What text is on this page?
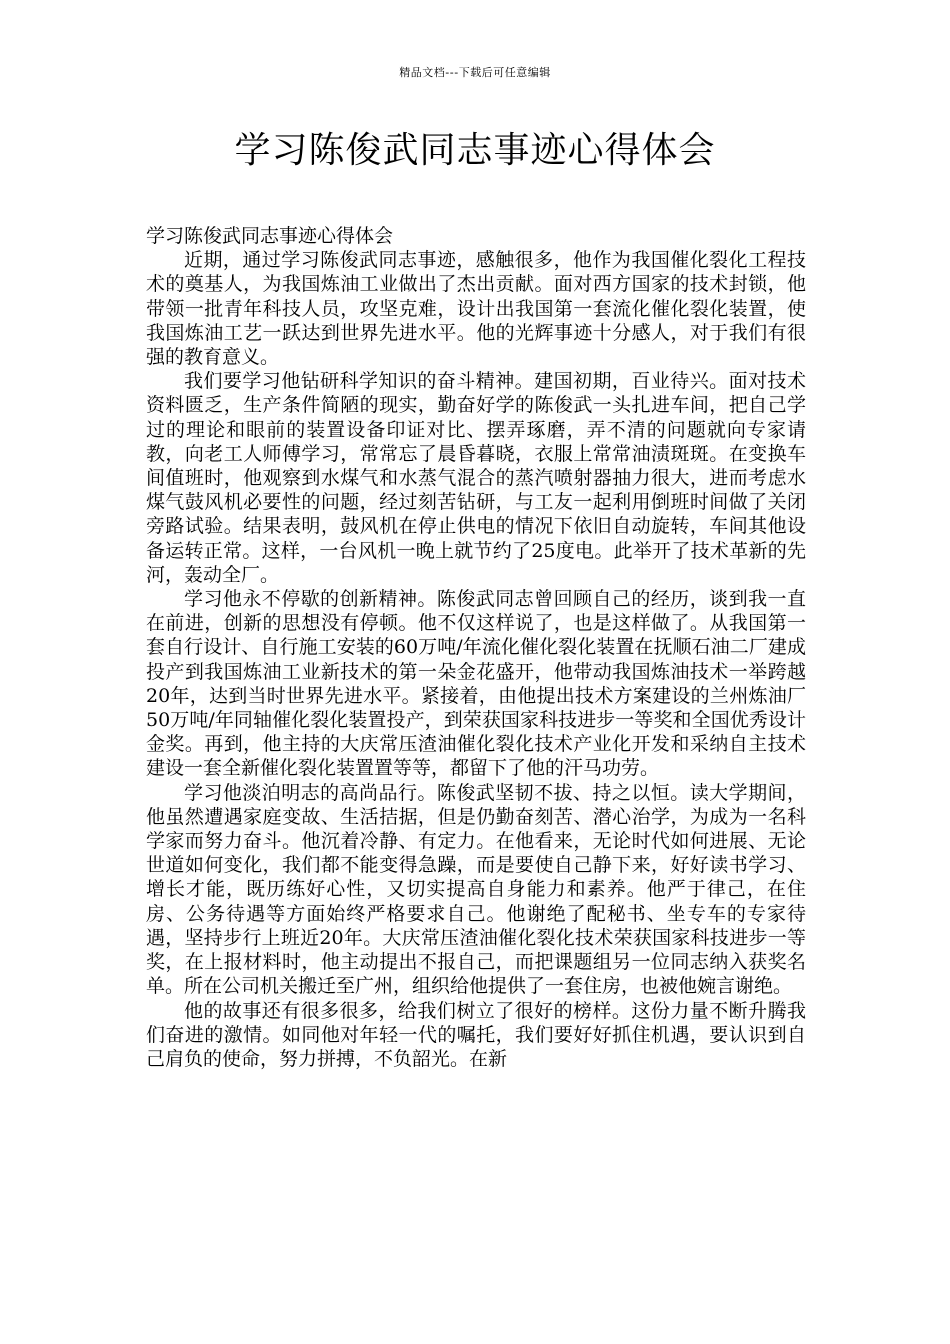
精品文档---下载后可任意编辑
学习陈俊武同志事迹心得体会

学习陈俊武同志事迹心得体会

近期，通过学习陈俊武同志事迹，感触很多，他作为我国催化裂化工程技术的奠基人，为我国炼油工业做出了杰出贡献。面对西方国家的技术封锁，他带领一批青年科技人员，攻坚克难，设计出我国第一套流化催化裂化装置，使我国炼油工艺一跃达到世界先进水平。他的光辉事迹十分感人，对于我们有很强的教育意义。

我们要学习他钻研科学知识的奋斗精神。建国初期，百业待兴。面对技术资料匮乏，生产条件简陋的现实，勤奋好学的陈俊武一头扎进车间，把自己学过的理论和眼前的装置设备印证对比、摆弄琢磨，弄不清的问题就向专家请教，向老工人师傅学习，常常忘了晨昏暮晓，衣服上常常油渍斑斑。在变换车间值班时，他观察到水煤气和水蒸气混合的蒸汽喷射器抽力很大，进而考虑水煤气鼓风机必要性的问题，经过刻苦钻研，与工友一起利用倒班时间做了关闭旁路试验。结果表明，鼓风机在停止供电的情况下依旧自动旋转，车间其他设备运转正常。这样，一台风机一晚上就节约了25度电。此举开了技术革新的先河，轰动全厂。

学习他永不停歇的创新精神。陈俊武同志曾回顾自己的经历，谈到我一直在前进，创新的思想没有停顿。他不仅这样说了，也是这样做了。从我国第一套自行设计、自行施工安装的60万吨/年流化催化裂化装置在抚顺石油二厂建成投产到我国炼油工业新技术的第一朵金花盛开，他带动我国炼油技术一举跨越20年，达到当时世界先进水平。紧接着，由他提出技术方案建设的兰州炼油厂50万吨/年同轴催化裂化装置投产，到荣获国家科技进步一等奖和全国优秀设计金奖。再到，他主持的大庆常压渣油催化裂化技术产业化开发和采纳自主技术建设一套全新催化裂化装置置等等，都留下了他的汗马功劳。

学习他淡泊明志的高尚品行。陈俊武坚韧不拔、持之以恒。读大学期间，他虽然遭遇家庭变故、生活拮据，但是仍勤奋刻苦、潜心治学，为成为一名科学家而努力奋斗。他沉着冷静、有定力。在他看来，无论时代如何进展、无论世道如何变化，我们都不能变得急躁，而是要使自己静下来，好好读书学习、增长才能，既历练好心性，又切实提高自身能力和素养。他严于律己，在住房、公务待遇等方面始终严格要求自己。他谢绝了配秘书、坐专车的专家待遇，坚持步行上班近20年。大庆常压渣油催化裂化技术荣获国家科技进步一等奖，在上报材料时，他主动提出不报自己，而把课题组另一位同志纳入获奖名单。所在公司机关搬迁至广州，组织给他提供了一套住房，也被他婉言谢绝。

他的故事还有很多很多，给我们树立了很好的榜样。这份力量不断升腾我们奋进的激情。如同他对年轻一代的嘱托，我们要好好抓住机遇，要认识到自己肩负的使命，努力拼搏，不负韶光。在新
